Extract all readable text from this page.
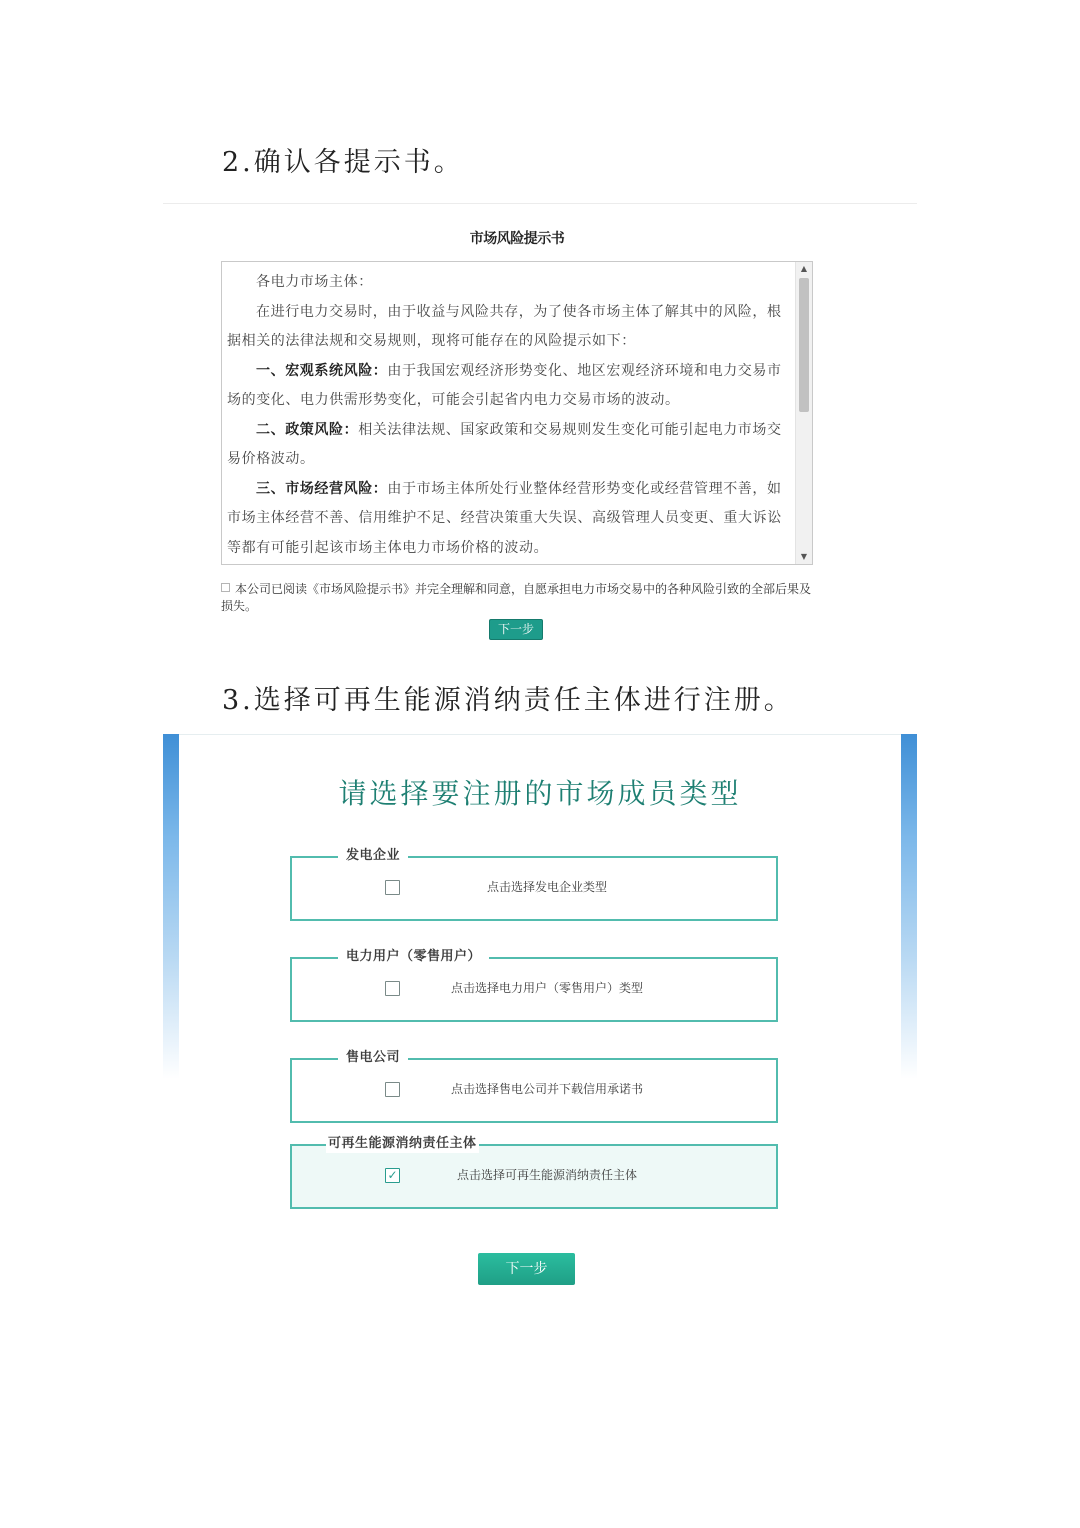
2.确认各提示书。
市场风险提示书

各电力市场主体：

在进行电力交易时，由于收益与风险共存，为了使各市场主体了解其中的风险，根据相关的法律法规和交易规则，现将可能存在的风险提示如下：

一、宏观系统风险：由于我国宏观经济形势变化、地区宏观经济环境和电力交易市场的变化、电力供需形势变化，可能会引起省内电力交易市场的波动。

二、政策风险：相关法律法规、国家政策和交易规则发生变化可能引起电力市场交易价格波动。

三、市场经营风险：由于市场主体所处行业整体经营形势变化或经营管理不善，如市场主体经营不善、信用维护不足、经营决策重大失误、高级管理人员变更、重大诉讼等都有可能引起该市场主体电力市场价格的波动。

▲
▼
本公司已阅读《市场风险提示书》并完全理解和同意，自愿承担电力市场交易中的各种风险引致的全部后果及损失。
下一步
3.选择可再生能源消纳责任主体进行注册。
请选择要注册的市场成员类型
发电企业
点击选择发电企业类型
电力用户（零售用户）
点击选择电力用户（零售用户）类型
售电公司
点击选择售电公司并下载信用承诺书
可再生能源消纳责任主体
✓	点击选择可再生能源消纳责任主体
下一步
